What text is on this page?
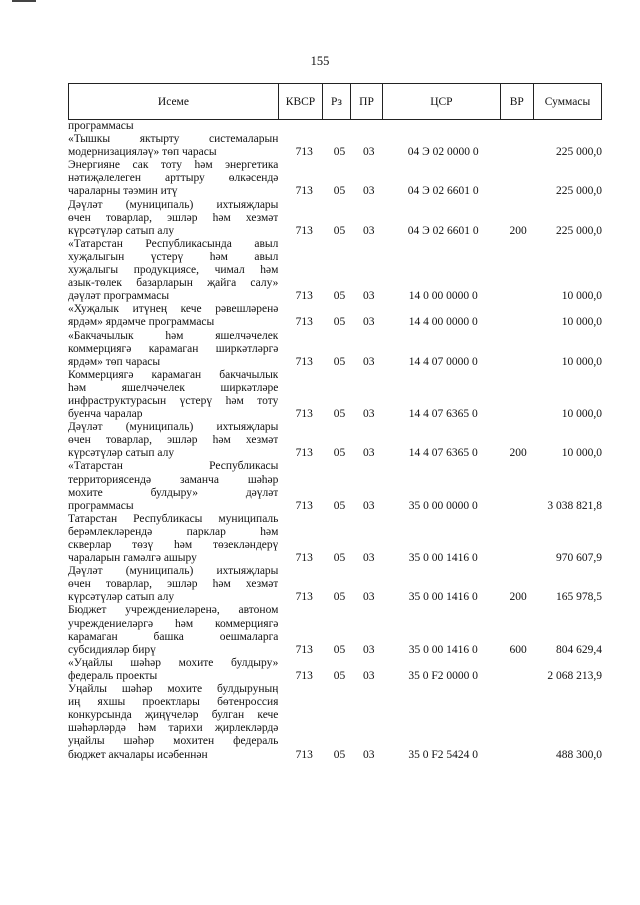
155
Исеме	КВСР	Рз	ПР	ЦСР	ВР	Суммасы
программасы
«Тышкы яктырту системаларын
модернизацияләү» төп чарасы	713	05	03	04 Э 02 0000 0	225 000,0
Энергияне сак тоту һәм энергетика
нәтиҗәлелеген арттыру өлкәсендә
чараларны тәэмин итү	713	05	03	04 Э 02 6601 0	225 000,0
Дәүләт (муниципаль) ихтыяҗлары
өчен товарлар, эшләр һәм хезмәт
күрсәтүләр сатып алу	713	05	03	04 Э 02 6601 0	200	225 000,0
«Татарстан Республикасында авыл
хуҗалыгын үстерү һәм авыл
хуҗалыгы продукциясе, чимал һәм
азык-төлек базарларын җайга салу»
дәүләт программасы	713	05	03	14 0 00 0000 0	10 000,0
«Хуҗалык итүнең кече рәвешләренә
ярдәм» ярдәмче программасы	713	05	03	14 4 00 0000 0	10 000,0
«Бакчачылык һәм яшелчәчелек
коммерциягә карамаган ширкәтләргә
ярдәм» төп чарасы	713	05	03	14 4 07 0000 0	10 000,0
Коммерциягә карамаган бакчачылык
һәм яшелчәчелек ширкәтләре
инфраструктурасын үстерү һәм тоту
буенча чаралар	713	05	03	14 4 07 6365 0	10 000,0
Дәүләт (муниципаль) ихтыяҗлары
өчен товарлар, эшләр һәм хезмәт
күрсәтүләр сатып алу	713	05	03	14 4 07 6365 0	200	10 000,0
«Татарстан Республикасы
территориясендә заманча шәһәр
мохите булдыру» дәүләт
программасы	713	05	03	35 0 00 0000 0	3 038 821,8
Татарстан Республикасы муниципаль
берәмлекләрендә парклар һәм
скверлар төзү һәм төзекләндерү
чараларын гамәлгә ашыру	713	05	03	35 0 00 1416 0	970 607,9
Дәүләт (муниципаль) ихтыяҗлары
өчен товарлар, эшләр һәм хезмәт
күрсәтүләр сатып алу	713	05	03	35 0 00 1416 0	200	165 978,5
Бюджет учреждениеләренә, автоном
учреждениеләргә һәм коммерциягә
карамаган башка оешмаларга
субсидияләр бирү	713	05	03	35 0 00 1416 0	600	804 629,4
«Уңайлы шәһәр мохите булдыру»
федераль проекты	713	05	03	35 0 F2 0000 0	2 068 213,9
Уңайлы шәһәр мохите булдыруның
иң яхшы проектлары бөтенроссия
конкурсында җиңүчеләр булган кече
шәһәрләрдә һәм тарихи җирлекләрдә
уңайлы шәһәр мохитен федераль
бюджет акчалары исәбеннән	713	05	03	35 0 F2 5424 0	488 300,0
